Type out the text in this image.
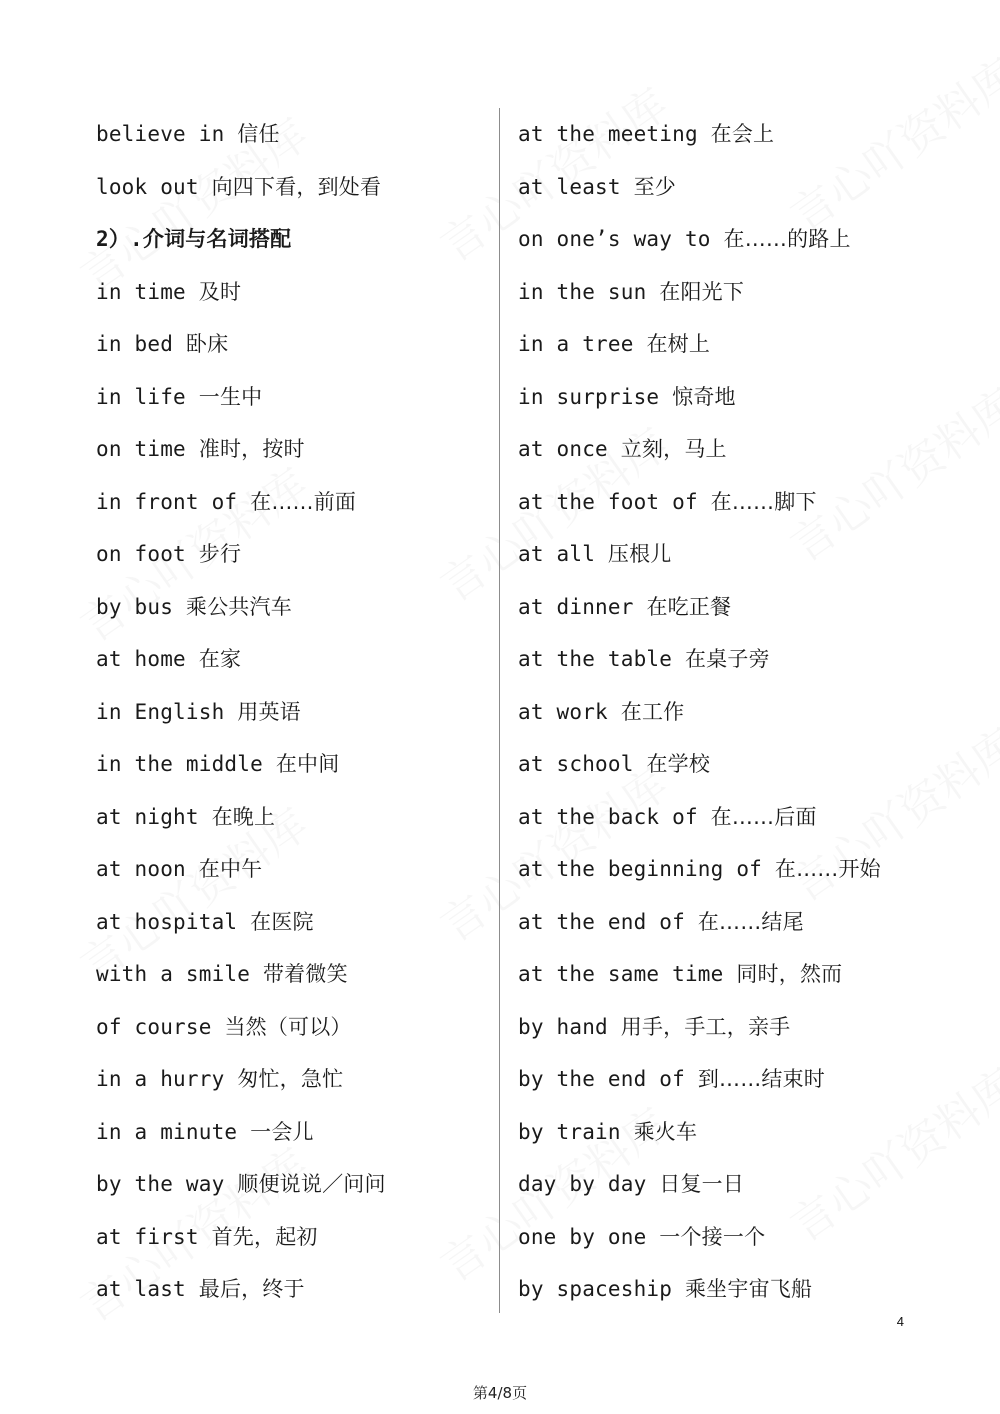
believe in 信任
look out 向四下看，到处看
2）.介词与名词搭配
in time 及时
in bed 卧床
in life 一生中
on time 准时，按时
in front of 在……前面
on foot 步行
by bus 乘公共汽车
at home 在家
in English 用英语
in the middle 在中间
at night 在晚上
at noon 在中午
at hospital 在医院
with a smile 带着微笑
of course 当然（可以）
in a hurry 匆忙，急忙
in a minute 一会儿
by the way 顺便说说／问问
at first 首先，起初
at last 最后，终于
at the meeting 在会上
at least 至少
on one’s way to 在……的路上
in the sun 在阳光下
in a tree 在树上
in surprise 惊奇地
at once 立刻，马上
at the foot of 在……脚下
at all 压根儿
at dinner 在吃正餐
at the table 在桌子旁
at work 在工作
at school 在学校
at the back of 在……后面
at the beginning of 在……开始
at the end of 在……结尾
at the same time 同时，然而
by hand 用手，手工，亲手
by the end of 到……结束时
by train 乘火车
day by day 日复一日
one by one 一个接一个
by spaceship 乘坐宇宙飞船
4
第4/8页
